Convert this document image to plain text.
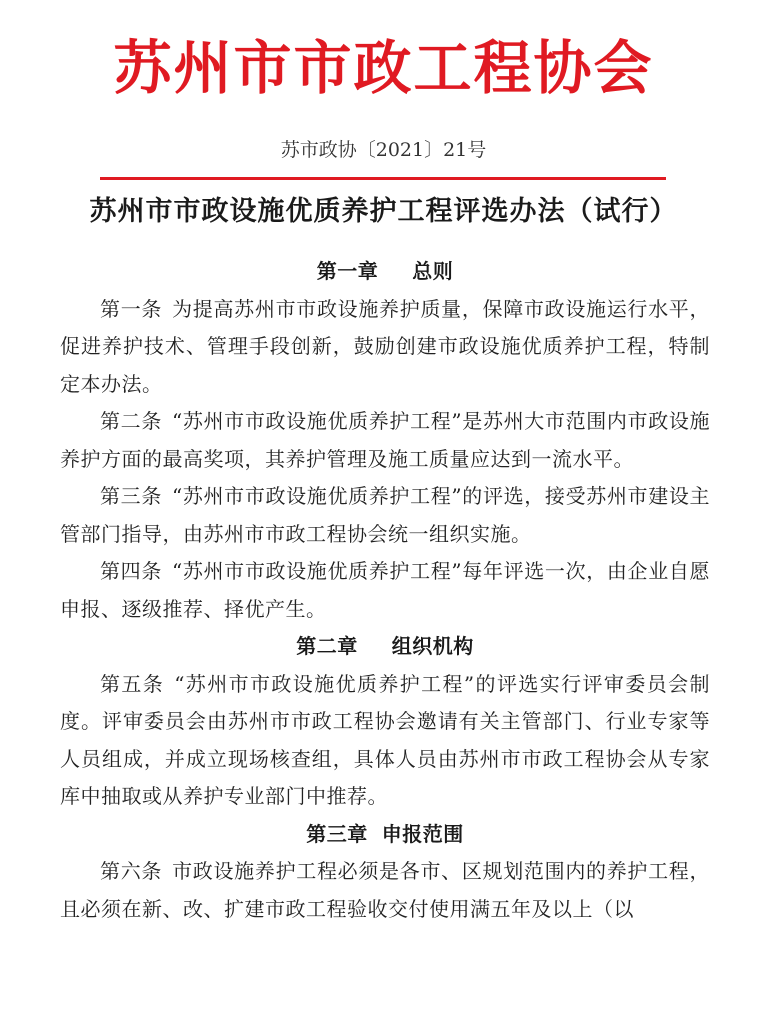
苏州市市政工程协会
苏市政协〔2021〕21号
苏州市市政设施优质养护工程评选办法（试行）
第一章 总则

第一条 为提高苏州市市政设施养护质量，保障市政设施运行水平，促进养护技术、管理手段创新，鼓励创建市政设施优质养护工程，特制定本办法。

第二条 “苏州市市政设施优质养护工程”是苏州大市范围内市政设施养护方面的最高奖项，其养护管理及施工质量应达到一流水平。

第三条 “苏州市市政设施优质养护工程”的评选，接受苏州市建设主管部门指导，由苏州市市政工程协会统一组织实施。

第四条 “苏州市市政设施优质养护工程”每年评选一次，由企业自愿申报、逐级推荐、择优产生。

第二章 组织机构

第五条 “苏州市市政设施优质养护工程”的评选实行评审委员会制度。评审委员会由苏州市市政工程协会邀请有关主管部门、行业专家等人员组成，并成立现场核查组，具体人员由苏州市市政工程协会从专家库中抽取或从养护专业部门中推荐。

第三章 申报范围

第六条 市政设施养护工程必须是各市、区规划范围内的养护工程，且必须在新、改、扩建市政工程验收交付使用满五年及以上（以
